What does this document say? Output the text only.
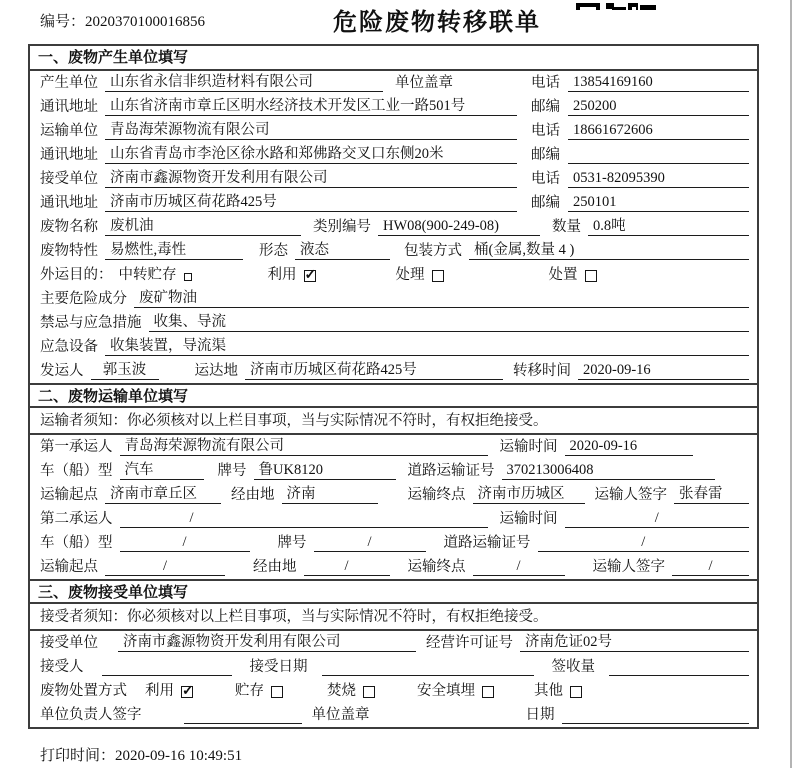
编号：2020370100016856	危险废物转移联单
一、废物产生单位填写
产生单位 山东省永信非织造材料有限公司	单位盖章	电话 13854169160
通讯地址 山东省济南市章丘区明水经济技术开发区工业一路501号	邮编 250200
运输单位 青岛海荣源物流有限公司	电话 18661672606
通讯地址 山东省青岛市李沧区徐水路和郑佛路交叉口东侧20米	邮编
接受单位 济南市鑫源物资开发利用有限公司	电话 0531-82095390
通讯地址 济南市历城区荷花路425号	邮编 250101
废物名称 废机油	类别编号 HW08(900-249-08)	数量 0.8吨
废物特性 易燃性,毒性	形态 液态	包装方式 桶(金属,数量 4 )
外运目的： 中转贮存	利用 ✓	处理	处置
主要危险成分 废矿物油
禁忌与应急措施 收集、导流
应急设备 收集装置，导流渠
发运人	郭玉波	运达地 济南市历城区荷花路425号	转移时间 2020-09-16
二、废物运输单位填写
运输者须知：你必须核对以上栏目事项，当与实际情况不符时，有权拒绝接受。
第一承运人 青岛海荣源物流有限公司	运输时间 2020-09-16
车（船）型 汽车	牌号 鲁UK8120	道路运输证号 370213006408
运输起点 济南市章丘区	经由地 济南	运输终点 济南市历城区	运输人签字 张春雷
第二承运人	/	运输时间	/
车（船）型	/	牌号	/	道路运输证号	/
运输起点	/	经由地	/	运输终点	/	运输人签字	/
三、废物接受单位填写
接受者须知：你必须核对以上栏目事项，当与实际情况不符时，有权拒绝接受。
接受单位	济南市鑫源物资开发利用有限公司	经营许可证号 济南危证02号
接受人	接受日期	签收量
废物处置方式 利用 ✓	贮存	焚烧	安全填埋	其他
单位负责人签字	单位盖章	日期
打印时间：2020-09-16 10:49:51
